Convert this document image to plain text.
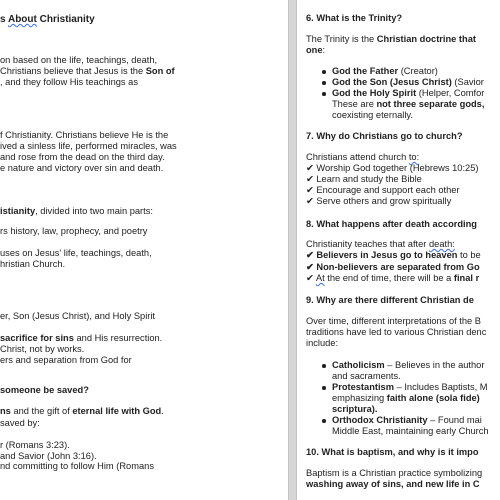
s About Christianity
on based on the life, teachings, death,
Christians believe that Jesus is the Son of
, and they follow His teachings as
f Christianity. Christians believe He is the
ived a sinless life, performed miracles, was
and rose from the dead on the third day.
e nature and victory over sin and death.
istianity, divided into two main parts:
rs history, law, prophecy, and poetry
uses on Jesus' life, teachings, death,
hristian Church.
er, Son (Jesus Christ), and Holy Spirit
sacrifice for sins and His resurrection.
Christ, not by works.
ers and separation from God for
someone be saved?
ns and the gift of eternal life with God.
saved by:
r (Romans 3:23).
and Savior (John 3:16).
nd committing to follow Him (Romans
6. What is the Trinity?
The Trinity is the Christian doctrine that
one:
God the Father (Creator)
God the Son (Jesus Christ) (Savior
God the Holy Spirit (Helper, Comfor
These are not three separate gods,
coexisting eternally.
7. Why do Christians go to church?
Christians attend church to:
✔ Worship God together (Hebrews 10:25)
✔ Learn and study the Bible
✔ Encourage and support each other
✔ Serve others and grow spiritually
8. What happens after death according
Christianity teaches that after death:
✔ Believers in Jesus go to heaven to be
✔ Non-believers are separated from Go
✔ At the end of time, there will be a final r
9. Why are there different Christian de
Over time, different interpretations of the B
traditions have led to various Christian denc
include:
Catholicism – Believes in the author
and sacraments.
Protestantism – Includes Baptists, M
emphasizing faith alone (sola fide)
scriptura).
Orthodox Christianity – Found mai
Middle East, maintaining early Church
10. What is baptism, and why is it impo
Baptism is a Christian practice symbolizing
washing away of sins, and new life in C
